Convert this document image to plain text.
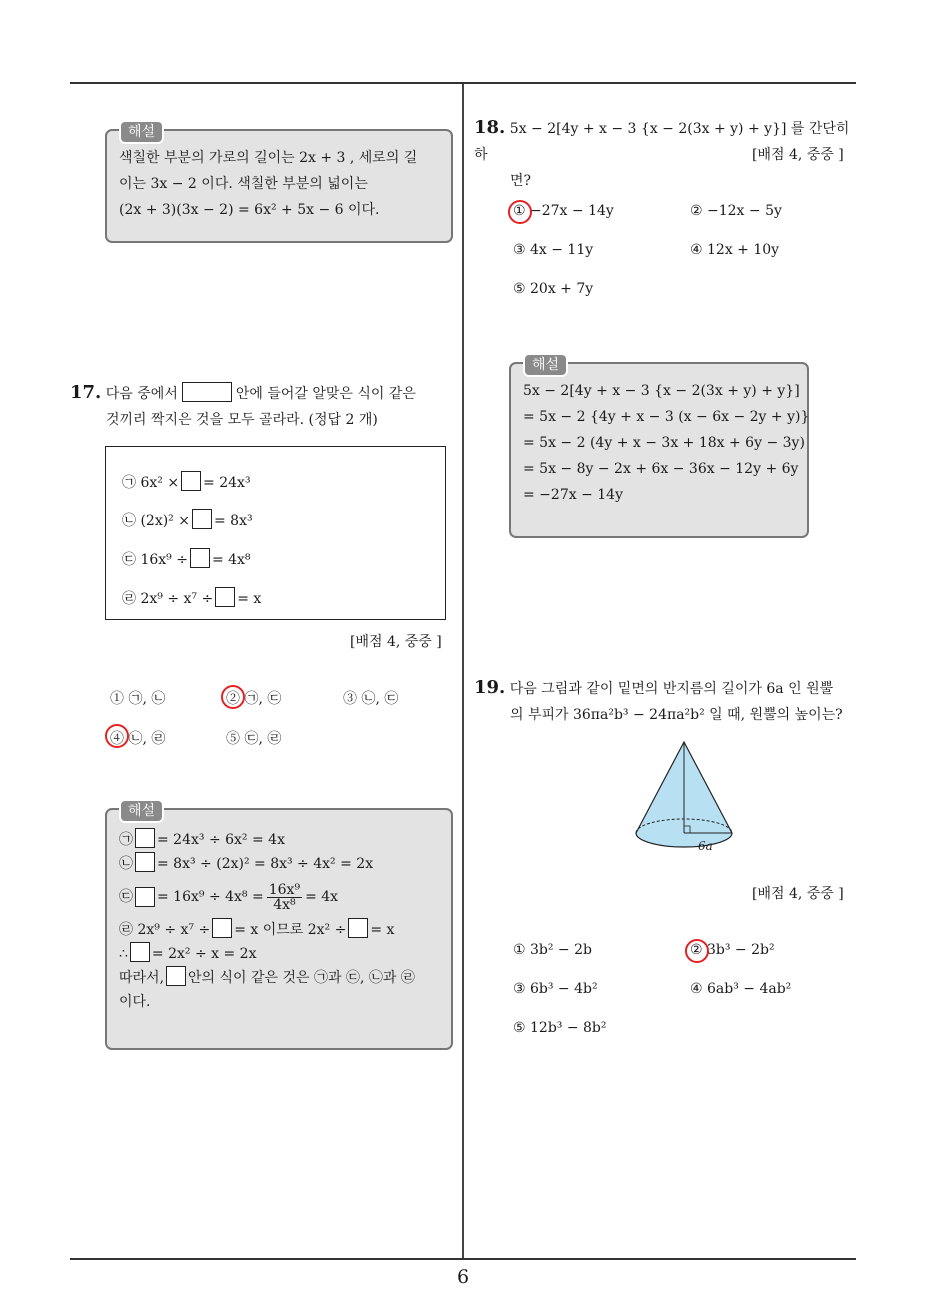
해설
색칠한 부분의 가로의 길이는 2x + 3 , 세로의 길
이는 3x − 2 이다. 색칠한 부분의 넓이는
(2x + 3)(3x − 2) = 6x² + 5x − 6 이다.
17. 다음 중에서	안에 들어갈 알맞은 식이 같은
것끼리 짝지은 것을 모두 골라라. (정답 2 개)
㉠ 6x² × = 24x³
㉡ (2x)² × = 8x³
㉢ 16x⁹ ÷ = 4x⁸
㉣ 2x⁹ ÷ x⁷ ÷ = x
[배점 4, 중중 ]
① ㉠, ㉡	② ㉠, ㉢	③ ㉡, ㉢
④ ㉡, ㉣	⑤ ㉢, ㉣
해설
㉠ = 24x³ ÷ 6x² = 4x
㉡ = 8x³ ÷ (2x)² = 8x³ ÷ 4x² = 2x
㉢ = $16x^9 \div 4x^8 = \frac{\text{16x⁹}}{\text{4x⁸}} = 4x$
㉣ 2x⁹ ÷ x⁷ ÷ = x 이므로 2x² ÷ = x
∴ = 2x² ÷ x = 2x
따라서, 안의 식이 같은 것은 ㉠과 ㉢, ㉡과 ㉣
이다.
18. 5x − 2[4y + x − 3 {x − 2(3x + y) + y}] 를 간단히 하
면?
[배점 4, 중중 ]
① −27x − 14y	② −12x − 5y
③ 4x − 11y	④ 12x + 10y
⑤ 20x + 7y
해설
5x − 2[4y + x − 3 {x − 2(3x + y) + y}]
= 5x − 2 {4y + x − 3 (x − 6x − 2y + y)}
= 5x − 2 (4y + x − 3x + 18x + 6y − 3y)
= 5x − 8y − 2x + 6x − 36x − 12y + 6y
= −27x − 14y
19. 다음 그림과 같이 밑면의 반지름의 길이가 6a 인 원뿔
의 부피가 36πa²b³ − 24πa²b² 일 때, 원뿔의 높이는?
6a
[배점 4, 중중 ]
① 3b² − 2b	② 3b³ − 2b²
③ 6b³ − 4b²	④ 6ab³ − 4ab²
⑤ 12b³ − 8b²
6
